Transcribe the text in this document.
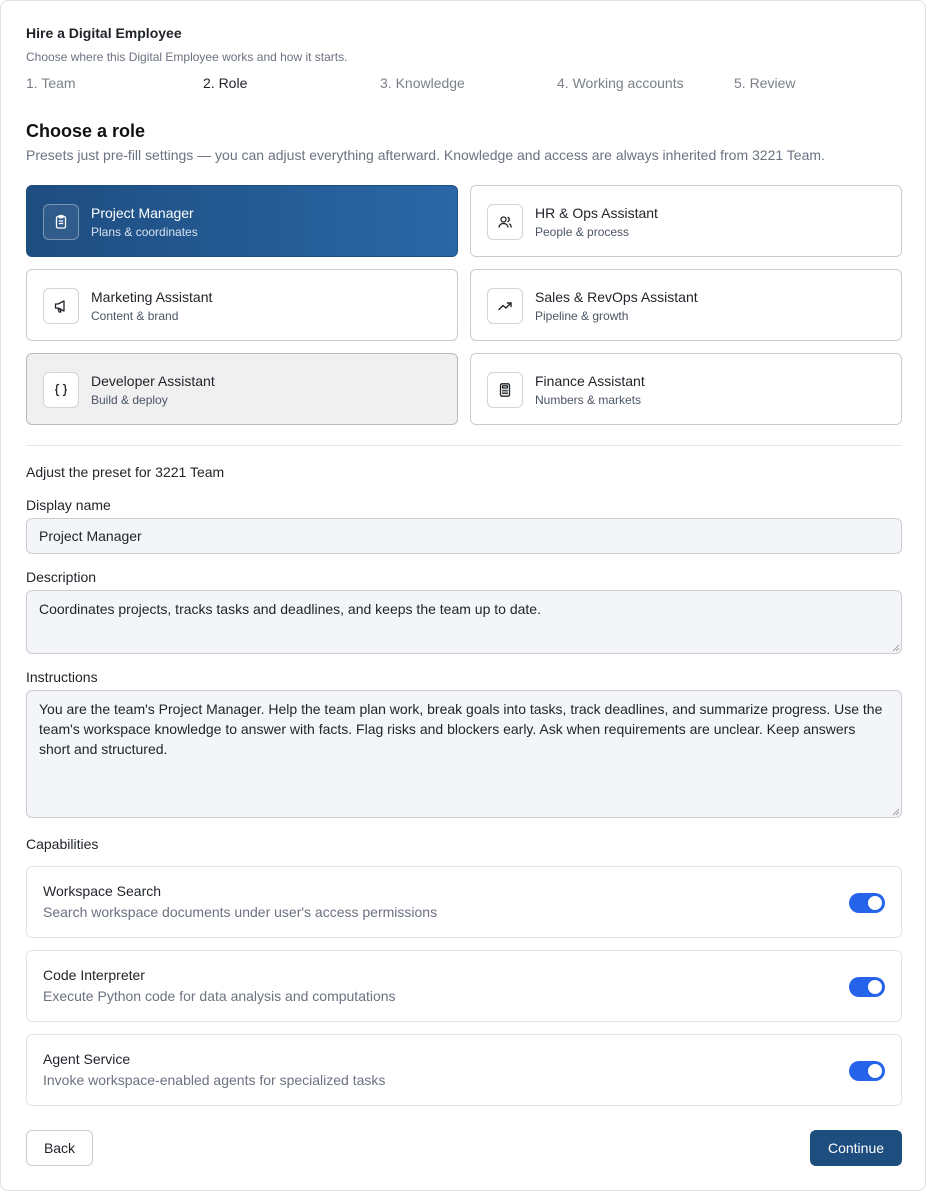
Hire a Digital Employee
Choose where this Digital Employee works and how it starts.
1. Team	2. Role	3. Knowledge	4. Working accounts	5. Review
Choose a role
Presets just pre-fill settings — you can adjust everything afterward. Knowledge and access are always inherited from 3221 Team.
Project Manager
Plans & coordinates
HR & Ops Assistant
People & process
Marketing Assistant
Content & brand
Sales & RevOps Assistant
Pipeline & growth
Developer Assistant
Build & deploy
Finance Assistant
Numbers & markets
Adjust the preset for 3221 Team
Display name
Project Manager
Description
Coordinates projects, tracks tasks and deadlines, and keeps the team up to date.
Instructions
You are the team's Project Manager. Help the team plan work, break goals into tasks, track deadlines, and summarize progress. Use the team's workspace knowledge to answer with facts. Flag risks and blockers early. Ask when requirements are unclear. Keep answers short and structured.
Capabilities
Workspace Search
Search workspace documents under user's access permissions
Code Interpreter
Execute Python code for data analysis and computations
Agent Service
Invoke workspace-enabled agents for specialized tasks
Back	Continue
